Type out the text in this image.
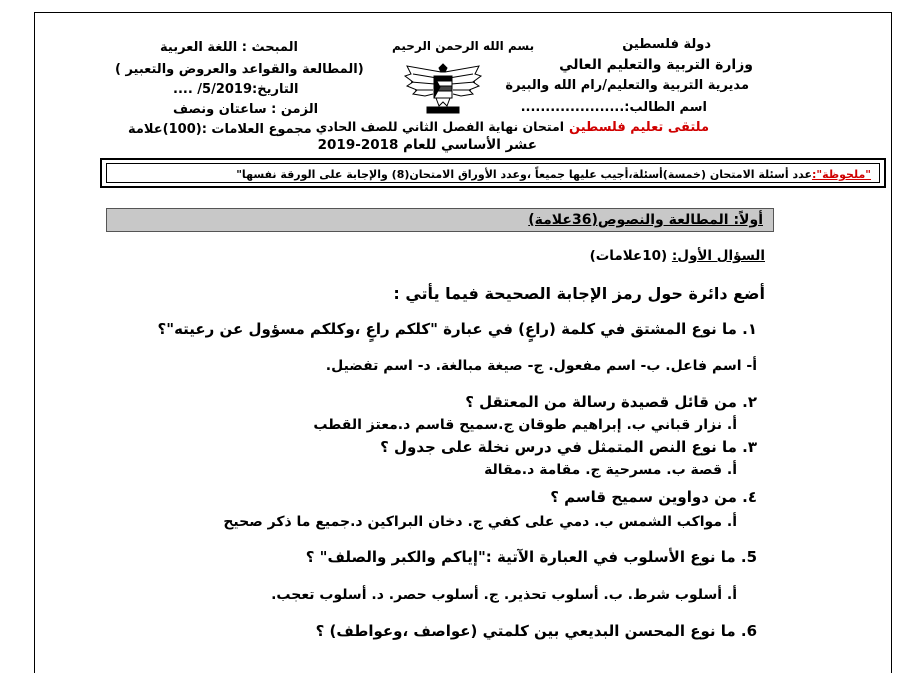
دولة فلسطين
وزارة التربية والتعليم العالي
مديرية التربية والتعليم/رام الله والبيرة
اسم الطالب:.....................
ملتقى تعليم فلسطين
بسم الله الرحمن الرحيم
امتحان نهاية الفصل الثاني للصف الحادي
عشر الأساسي للعام 2018-2019
المبحث : اللغة العربية
(المطالعة والقواعد والعروض والتعبير )
التاريخ:5/2019/ ....
الزمن : ساعتان ونصف
مجموع العلامات :(100)علامة
"ملحوظة":عدد أسئلة الامتحان (خمسة)أسئلة،أجيب عليها جميعاً ،وعدد الأوراق الامتحان(8) والإجابة على الورقة نفسها"
أولاً: المطالعة والنصوص(36علامة)
السؤال الأول: (10علامات)
أضع دائرة حول رمز الإجابة الصحيحة فيما يأتي :
١. ما نوع المشتق في كلمة (راعٍ) في عبارة "كلكم راعٍ ،وكلكم مسؤول عن رعيته"؟
أ- اسم فاعل. ب- اسم مفعول. ج- صيغة مبالغة. د- اسم تفضيل.
٢. من قائل قصيدة رسالة من المعتقل ؟
أ. نزار قباني ب. إبراهيم طوقان ج.سميح قاسم د.معتز القطب
٣. ما نوع النص المتمثل في درس نخلة على جدول ؟
أ. قصة ب. مسرحية ج. مقامة د.مقالة
٤. من دواوين سميح قاسم ؟
أ. مواكب الشمس ب. دمي على كفي ج. دخان البراكين د.جميع ما ذكر صحيح
5. ما نوع الأسلوب في العبارة الآتية :"إياكم والكبر والصلف" ؟
أ. أسلوب شرط. ب. أسلوب تحذير. ج. أسلوب حصر. د. أسلوب تعجب.
6. ما نوع المحسن البديعي بين كلمتي (عواصف ،وعواطف) ؟
